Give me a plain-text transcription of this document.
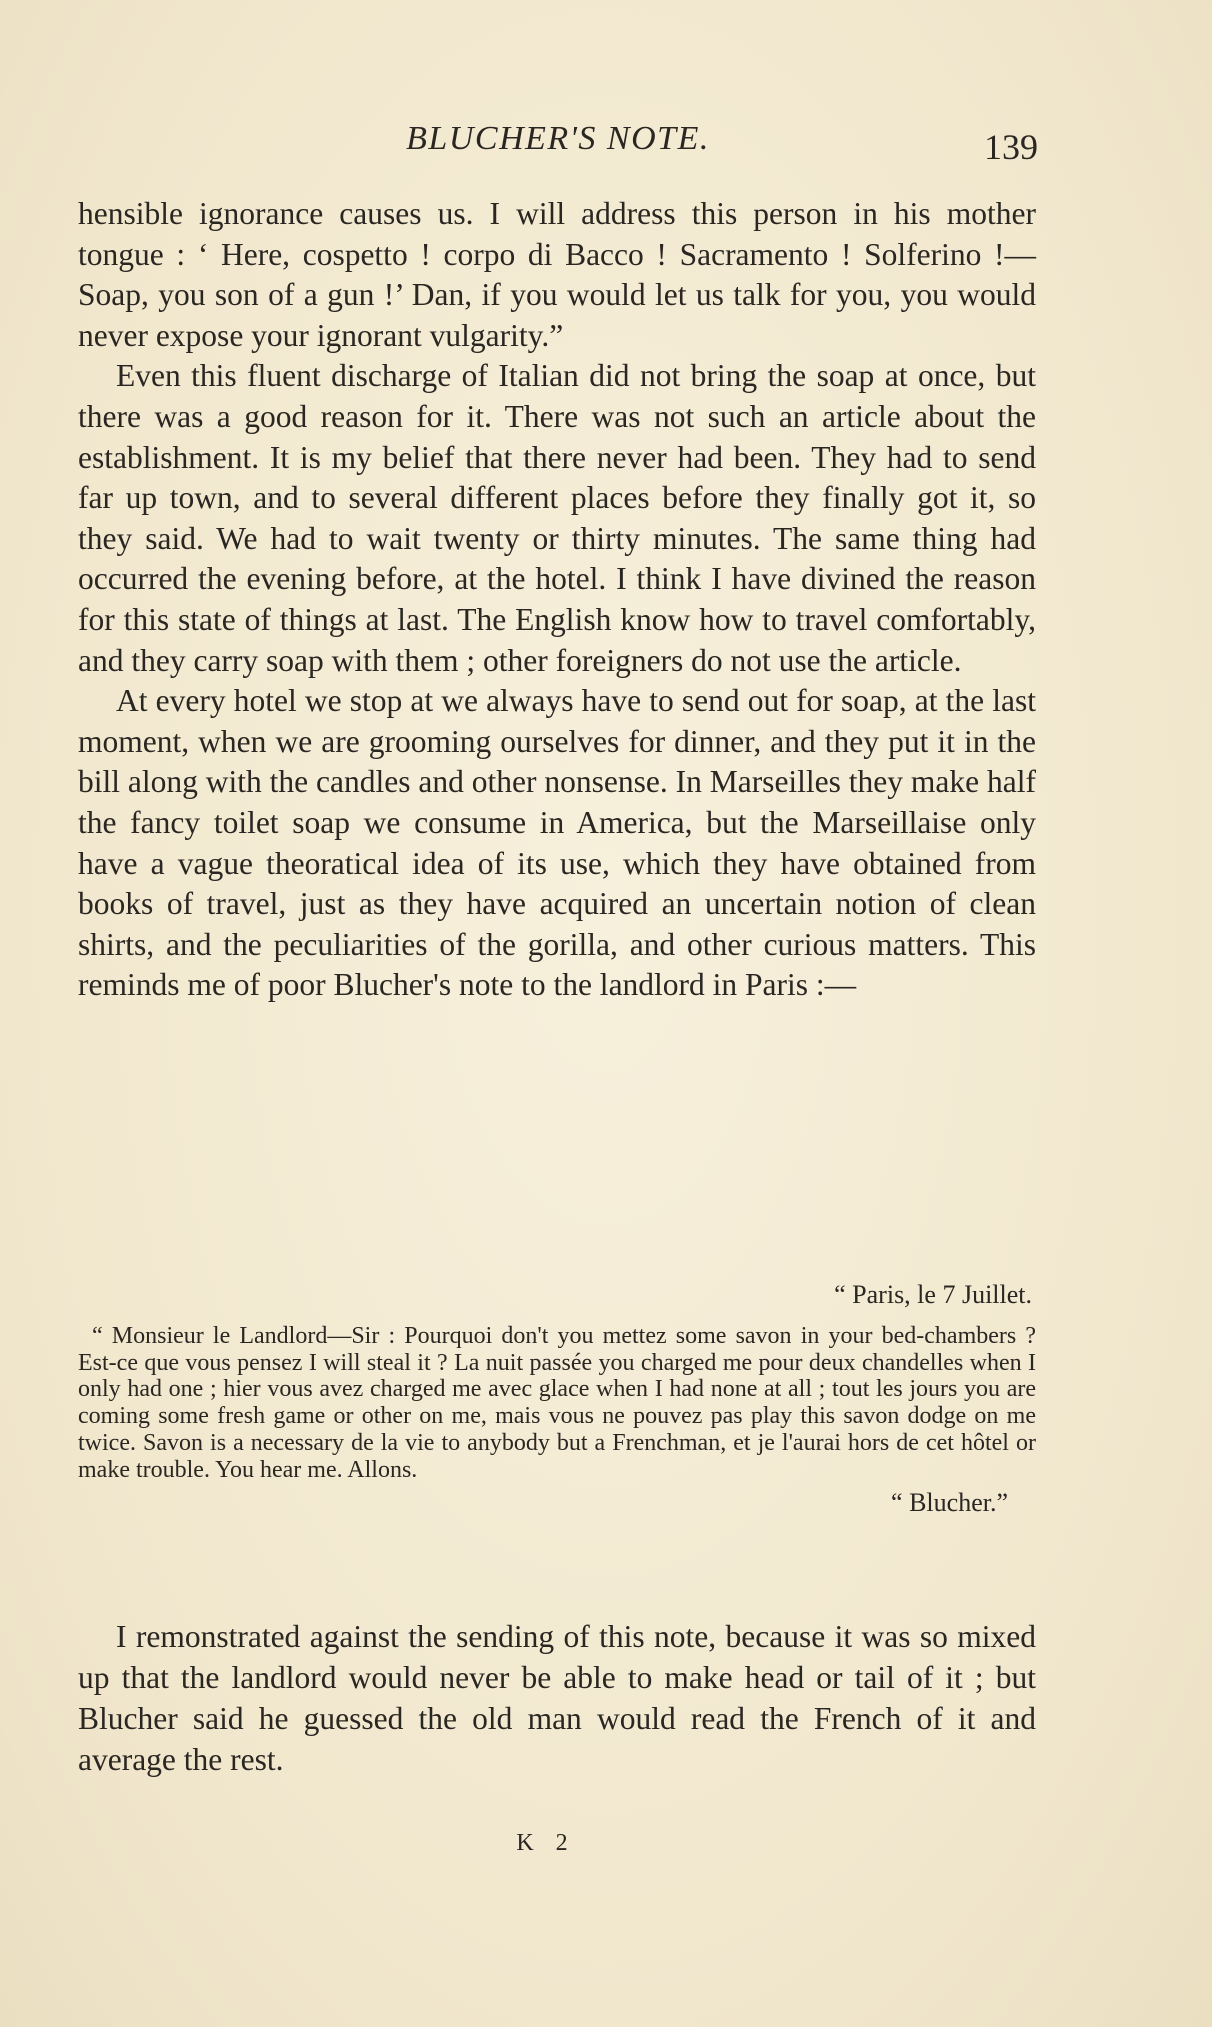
BLUCHER'S NOTE.	139

hensible ignorance causes us. I will address this person in his mother tongue : ‘ Here, cospetto ! corpo di Bacco ! Sacramento ! Solferino !—Soap, you son of a gun !’ Dan, if you would let us talk for you, you would never expose your ignorant vulgarity.”

Even this fluent discharge of Italian did not bring the soap at once, but there was a good reason for it. There was not such an article about the establishment. It is my belief that there never had been. They had to send far up town, and to several different places before they finally got it, so they said. We had to wait twenty or thirty minutes. The same thing had occurred the evening before, at the hotel. I think I have divined the reason for this state of things at last. The English know how to travel comfortably, and they carry soap with them ; other foreigners do not use the article.

At every hotel we stop at we always have to send out for soap, at the last moment, when we are grooming ourselves for dinner, and they put it in the bill along with the candles and other nonsense. In Marseilles they make half the fancy toilet soap we consume in America, but the Marseillaise only have a vague theoratical idea of its use, which they have obtained from books of travel, just as they have acquired an uncertain notion of clean shirts, and the peculiarities of the gorilla, and other curious matters. This reminds me of poor Blucher's note to the landlord in Paris :—

“ Paris, le 7 Juillet.

“ Monsieur le Landlord—Sir : Pourquoi don't you mettez some savon in your bed-chambers ? Est-ce que vous pensez I will steal it ? La nuit passée you charged me pour deux chandelles when I only had one ; hier vous avez charged me avec glace when I had none at all ; tout les jours you are coming some fresh game or other on me, mais vous ne pouvez pas play this savon dodge on me twice. Savon is a necessary de la vie to anybody but a Frenchman, et je l'aurai hors de cet hôtel or make trouble. You hear me. Allons.

“ Blucher.”

I remonstrated against the sending of this note, because it was so mixed up that the landlord would never be able to make head or tail of it ; but Blucher said he guessed the old man would read the French of it and average the rest.

K 2
